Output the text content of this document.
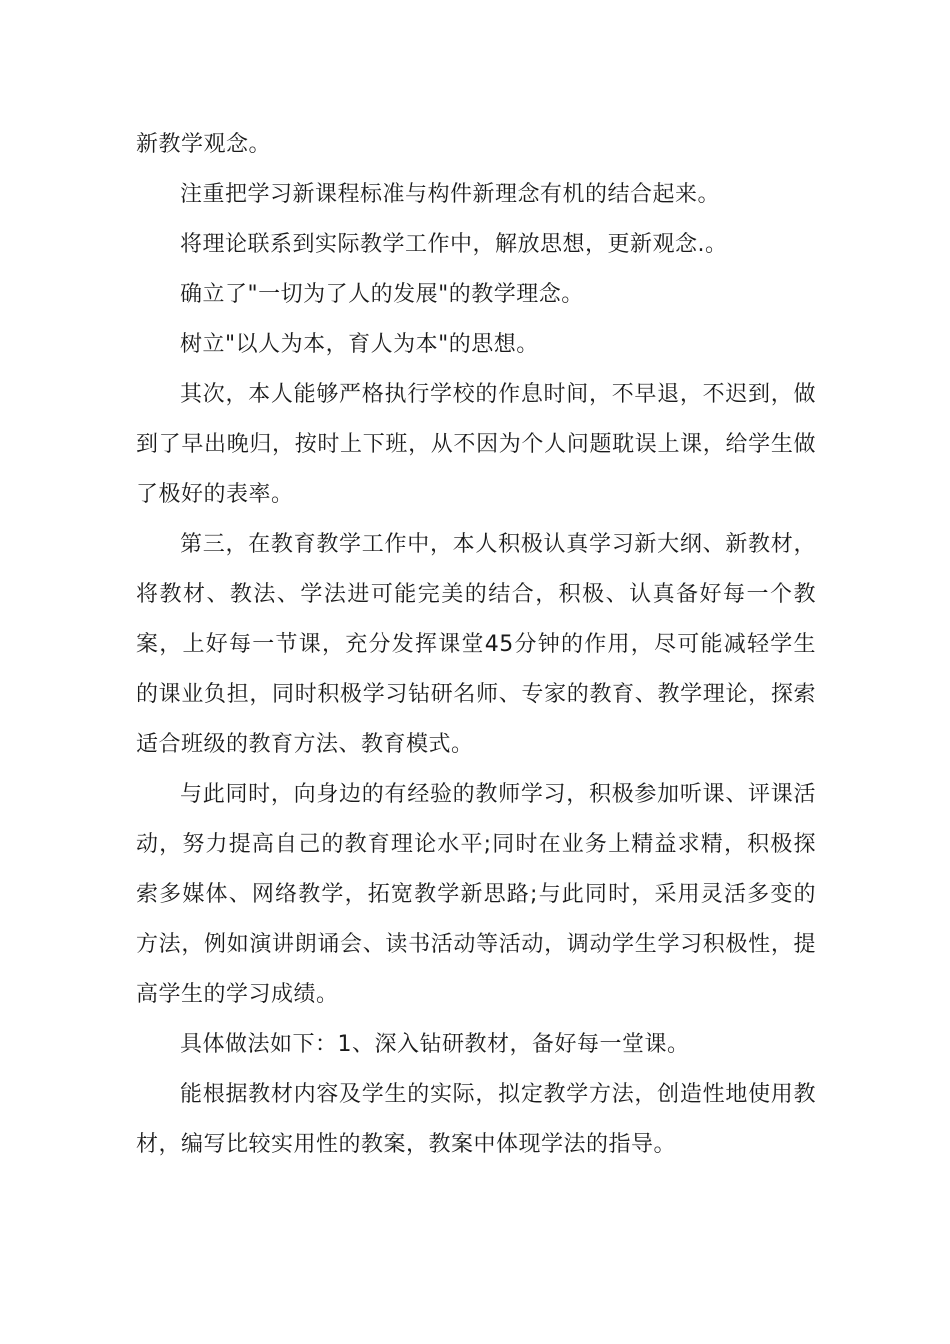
新教学观念。

注重把学习新课程标准与构件新理念有机的结合起来。

将理论联系到实际教学工作中，解放思想，更新观念.。

确立了"一切为了人的发展"的教学理念。

树立"以人为本，育人为本"的思想。

其次，本人能够严格执行学校的作息时间，不早退，不迟到，做到了早出晚归，按时上下班，从不因为个人问题耽误上课，给学生做了极好的表率。

第三，在教育教学工作中，本人积极认真学习新大纲、新教材，将教材、教法、学法进可能完美的结合，积极、认真备好每一个教案，上好每一节课，充分发挥课堂45分钟的作用，尽可能减轻学生的课业负担，同时积极学习钻研名师、专家的教育、教学理论，探索适合班级的教育方法、教育模式。

与此同时，向身边的有经验的教师学习，积极参加听课、评课活动，努力提高自己的教育理论水平;同时在业务上精益求精，积极探索多媒体、网络教学，拓宽教学新思路;与此同时，采用灵活多变的方法，例如演讲朗诵会、读书活动等活动，调动学生学习积极性，提高学生的学习成绩。

具体做法如下：1、深入钻研教材，备好每一堂课。

能根据教材内容及学生的实际，拟定教学方法，创造性地使用教材，编写比较实用性的教案，教案中体现学法的指导。
